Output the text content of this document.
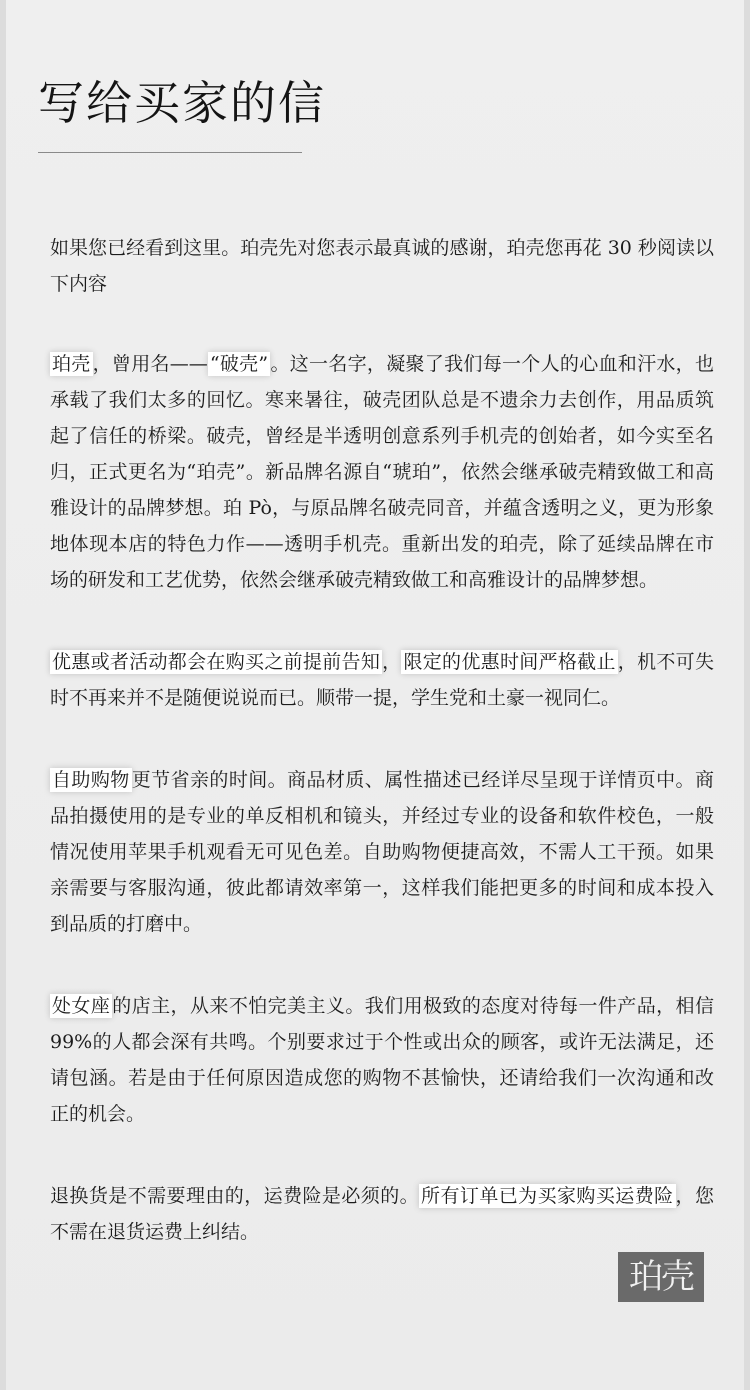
写给买家的信

如果您已经看到这里。珀壳先对您表示最真诚的感谢，珀壳您再花 30 秒阅读以下内容

珀壳 ，曾用名—— “破壳” 。这一名字，凝聚了我们每一个人的心血和汗水，也承载了我们太多的回忆。寒来暑往，破壳团队总是不遗余力去创作，用品质筑起了信任的桥梁。破壳，曾经是半透明创意系列手机壳的创始者，如今实至名归，正式更名为“珀壳”。新品牌名源自“琥珀”，依然会继承破壳精致做工和高雅设计的品牌梦想。珀 Pò，与原品牌名破壳同音，并蕴含透明之义，更为形象地体现本店的特色力作——透明手机壳。重新出发的珀壳，除了延续品牌在市场的研发和工艺优势，依然会继承破壳精致做工和高雅设计的品牌梦想。

优惠或者活动都会在购买之前提前告知 ， 限定的优惠时间严格截止 ，机不可失时不再来并不是随便说说而已。顺带一提，学生党和土豪一视同仁。

自助购物 更节省亲的时间。商品材质、属性描述已经详尽呈现于详情页中。商品拍摄使用的是专业的单反相机和镜头，并经过专业的设备和软件校色，一般情况使用苹果手机观看无可见色差。自助购物便捷高效，不需人工干预。如果亲需要与客服沟通，彼此都请效率第一，这样我们能把更多的时间和成本投入到品质的打磨中。

处女座 的店主，从来不怕完美主义。我们用极致的态度对待每一件产品，相信99%的人都会深有共鸣。个别要求过于个性或出众的顾客，或许无法满足，还请包涵。若是由于任何原因造成您的购物不甚愉快，还请给我们一次沟通和改正的机会。

退换货是不需要理由的，运费险是必须的。 所有订单已为买家购买运费险 ，您不需在退货运费上纠结。

珀壳
